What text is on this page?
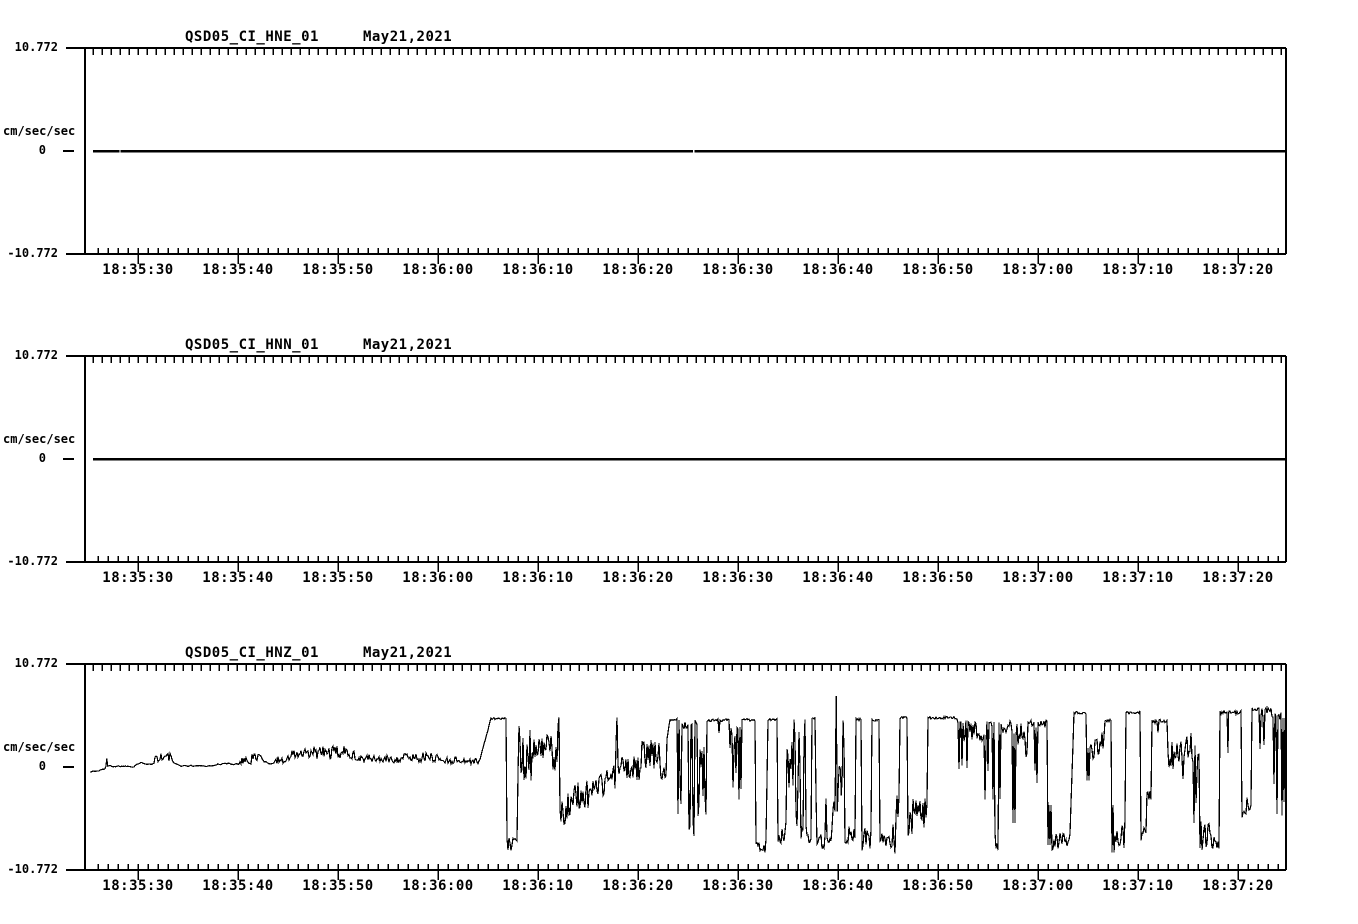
QSD05_CI_HNE_01	May21,2021
10.772
cm/sec/sec
0
-10.772
18:35:30	18:35:40	18:35:50	18:36:00	18:36:10	18:36:20	18:36:30	18:36:40	18:36:50	18:37:00	18:37:10	18:37:20
QSD05_CI_HNN_01	May21,2021
10.772
cm/sec/sec
0
-10.772
18:35:30	18:35:40	18:35:50	18:36:00	18:36:10	18:36:20	18:36:30	18:36:40	18:36:50	18:37:00	18:37:10	18:37:20
QSD05_CI_HNZ_01	May21,2021
10.772
cm/sec/sec
0
-10.772
18:35:30	18:35:40	18:35:50	18:36:00	18:36:10	18:36:20	18:36:30	18:36:40	18:36:50	18:37:00	18:37:10	18:37:20
